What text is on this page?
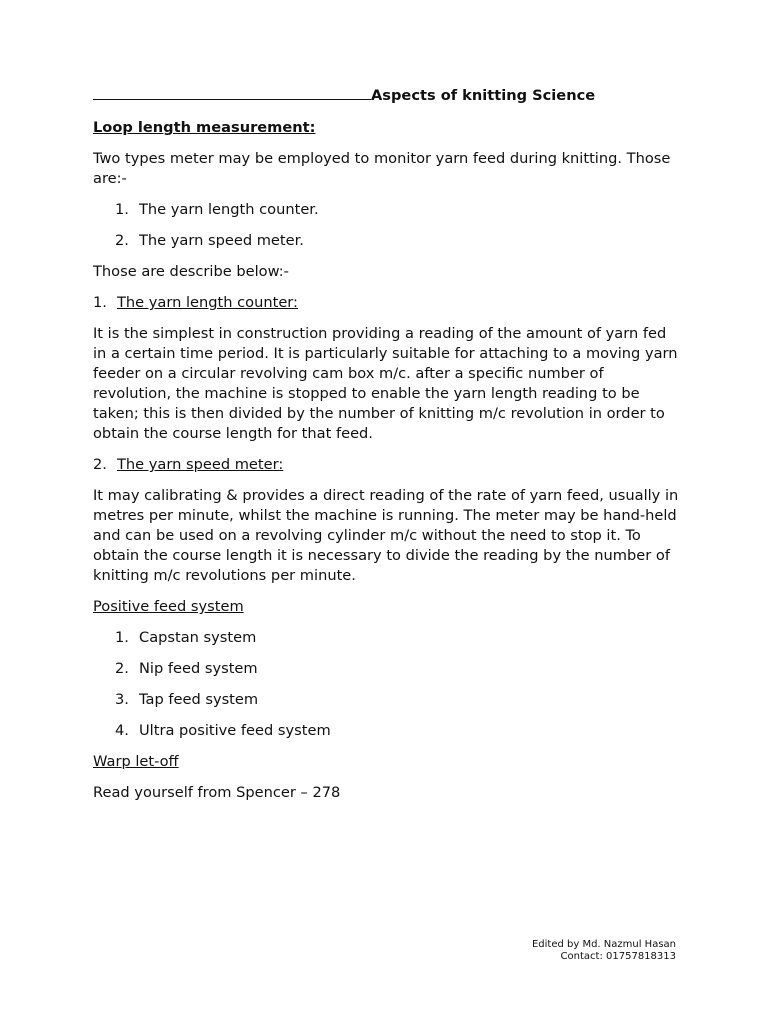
Aspects of knitting Science
Loop length measurement:

Two types meter may be employed to monitor yarn feed during knitting. Those are:-

1. The yarn length counter.
2. The yarn speed meter.

Those are describe below:-

1. The yarn length counter:

It is the simplest in construction providing a reading of the amount of yarn fed in a certain time period. It is particularly suitable for attaching to a moving yarn feeder on a circular revolving cam box m/c. after a specific number of revolution, the machine is stopped to enable the yarn length reading to be taken; this is then divided by the number of knitting m/c revolution in order to obtain the course length for that feed.

2. The yarn speed meter:

It may calibrating & provides a direct reading of the rate of yarn feed, usually in metres per minute, whilst the machine is running. The meter may be hand-held and can be used on a revolving cylinder m/c without the need to stop it. To obtain the course length it is necessary to divide the reading by the number of knitting m/c revolutions per minute.

Positive feed system

1. Capstan system
2. Nip feed system
3. Tap feed system
4. Ultra positive feed system

Warp let-off

Read yourself from Spencer – 278

Edited by Md. Nazmul Hasan
Contact: 01757818313
